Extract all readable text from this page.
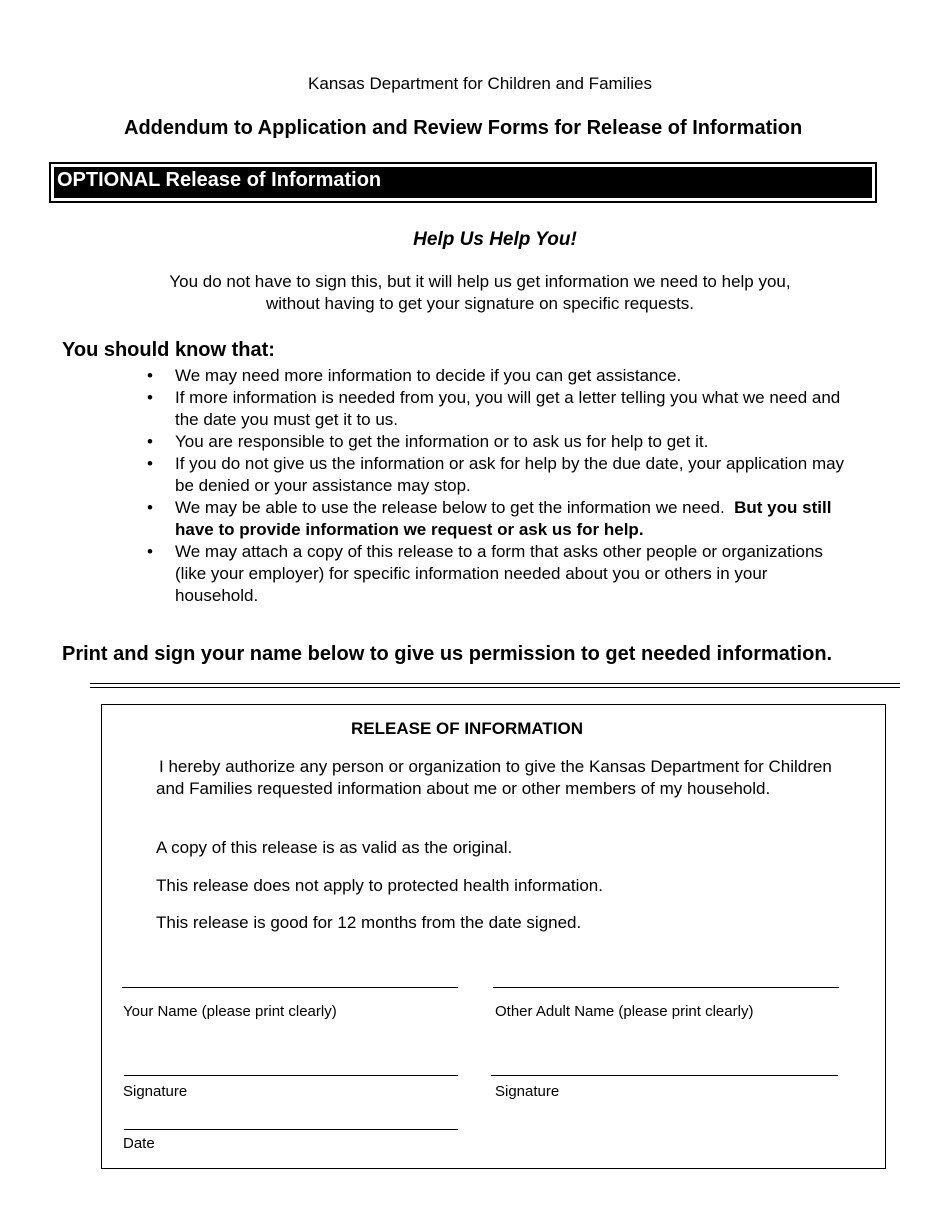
Kansas Department for Children and Families
Addendum to Application and Review Forms for Release of Information
OPTIONAL Release of Information
Help Us Help You!
You do not have to sign this, but it will help us get information we need to help you,
without having to get your signature on specific requests.
You should know that:
• We may need more information to decide if you can get assistance.
• If more information is needed from you, you will get a letter telling you what we need and the date you must get it to us.
• You are responsible to get the information or to ask us for help to get it.
• If you do not give us the information or ask for help by the due date, your application may be denied or your assistance may stop.
• We may be able to use the release below to get the information we need.  But you still have to provide information we request or ask us for help.
• We may attach a copy of this release to a form that asks other people or organizations (like your employer) for specific information needed about you or others in your household.
Print and sign your name below to give us permission to get needed information.
RELEASE OF INFORMATION
I hereby authorize any person or organization to give the Kansas Department for Children and Families requested information about me or other members of my household.
A copy of this release is as valid as the original.
This release does not apply to protected health information.
This release is good for 12 months from the date signed.
Your Name (please print clearly)	Other Adult Name (please print clearly)
Signature	Signature
Date
